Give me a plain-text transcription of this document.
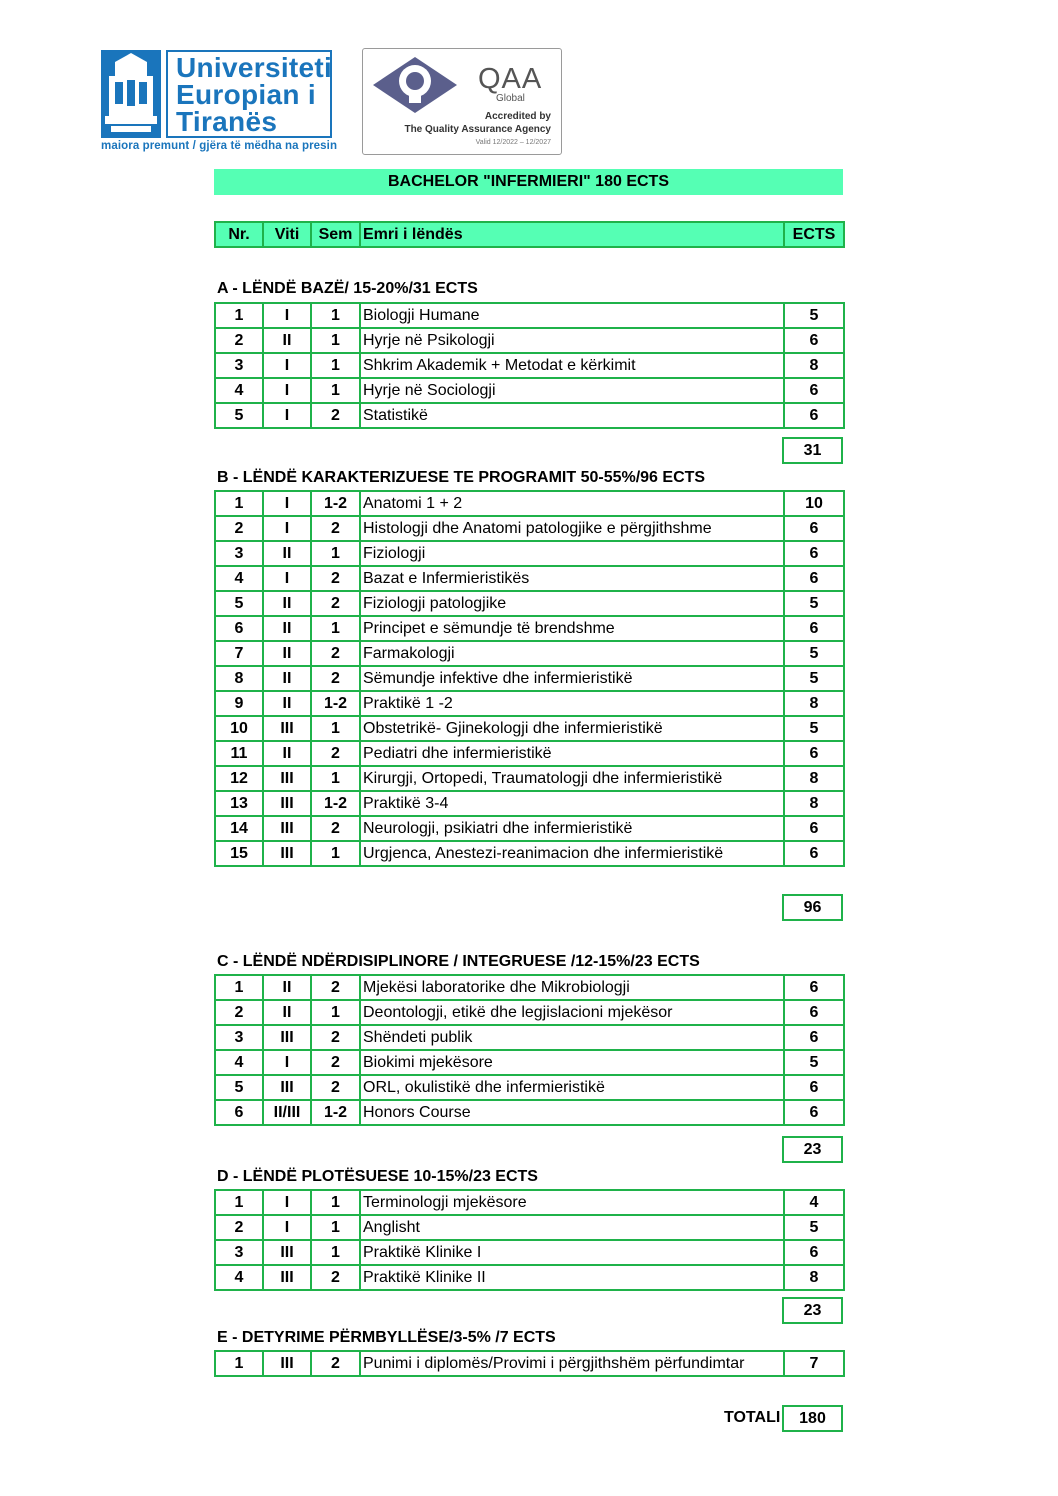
Universiteti
Europian i
Tiranës
maiora premunt / gjëra të mëdha na presin
QAA
Global
Accredited by
The Quality Assurance Agency
Valid 12/2022 – 12/2027
BACHELOR "INFERMIERI" 180 ECTS
Nr.	Viti	Sem	Emri i lëndës	ECTS
A - LËNDË BAZË/ 15-20%/31 ECTS
B - LËNDË KARAKTERIZUESE TE PROGRAMIT 50-55%/96 ECTS
C - LËNDË NDËRDISIPLINORE / INTEGRUESE /12-15%/23 ECTS
D - LËNDË PLOTËSUESE 10-15%/23 ECTS
E - DETYRIME PËRMBYLLËSE/3-5% /7 ECTS
1	I	1	Biologji Humane	5
2	II	1	Hyrje në Psikologji	6
3	I	1	Shkrim Akademik + Metodat e kërkimit	8
4	I	1	Hyrje në Sociologji	6
5	I	2	Statistikë	6
31
1	I	1-2	Anatomi 1 + 2	10
2	I	2	Histologji dhe Anatomi patologjike e përgjithshme	6
3	II	1	Fiziologji	6
4	I	2	Bazat e Infermieristikës	6
5	II	2	Fiziologji patologjike	5
6	II	1	Principet e sëmundje të brendshme	6
7	II	2	Farmakologji	5
8	II	2	Sëmundje infektive dhe infermieristikë	5
9	II	1-2	Praktikë 1 -2	8
10	III	1	Obstetrikë- Gjinekologji dhe infermieristikë	5
11	II	2	Pediatri dhe infermieristikë	6
12	III	1	Kirurgji, Ortopedi, Traumatologji dhe infermieristikë	8
13	III	1-2	Praktikë 3-4	8
14	III	2	Neurologji, psikiatri dhe infermieristikë	6
15	III	1	Urgjenca, Anestezi-reanimacion dhe infermieristikë	6
96
1	II	2	Mjekësi laboratorike dhe Mikrobiologji	6
2	II	1	Deontologji, etikë dhe legjislacioni mjekësor	6
3	III	2	Shëndeti publik	6
4	I	2	Biokimi mjekësore	5
5	III	2	ORL, okulistikë dhe infermieristikë	6
6	II/III	1-2	Honors Course	6
23
1	I	1	Terminologji mjekësore	4
2	I	1	Anglisht	5
3	III	1	Praktikë Klinike I	6
4	III	2	Praktikë Klinike II	8
23
1	III	2	Punimi i diplomës/Provimi i përgjithshëm përfundimtar	7
TOTALI	180
